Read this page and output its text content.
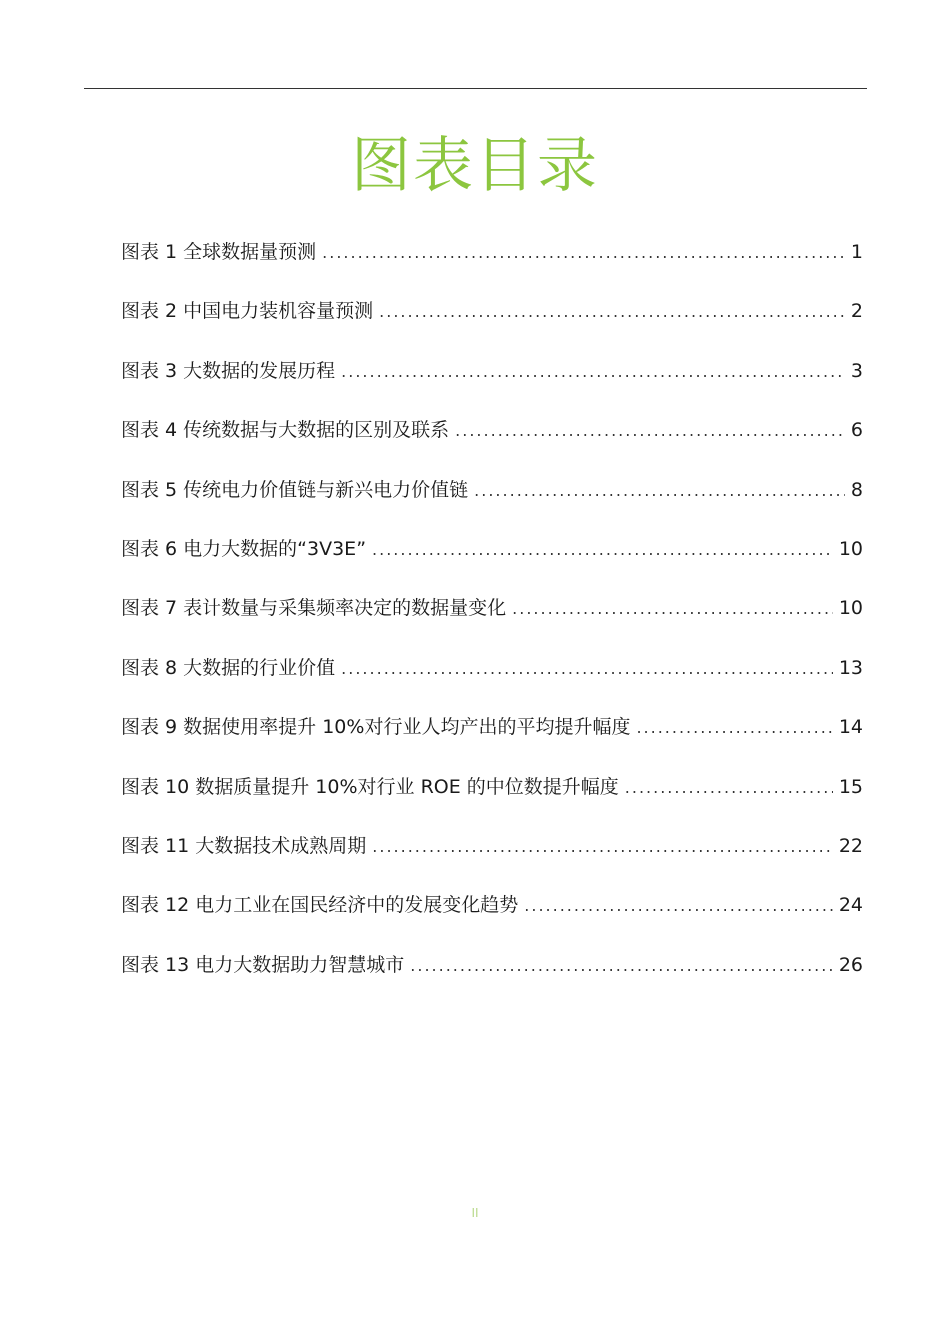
图表目录
图表 1 全球数据量预测 .....	1
图表 2 中国电力装机容量预测 .....	2
图表 3 大数据的发展历程 .....	3
图表 4 传统数据与大数据的区别及联系 .....	6
图表 5 传统电力价值链与新兴电力价值链 .....	8
图表 6 电力大数据的“3V3E” .....	10
图表 7 表计数量与采集频率决定的数据量变化 .....	10
图表 8 大数据的行业价值 .....	13
图表 9 数据使用率提升 10%对行业人均产出的平均提升幅度 .....	14
图表 10 数据质量提升 10%对行业 ROE 的中位数提升幅度 .....	15
图表 11 大数据技术成熟周期 .....	22
图表 12 电力工业在国民经济中的发展变化趋势 .....	24
图表 13 电力大数据助力智慧城市 .....	26
II
